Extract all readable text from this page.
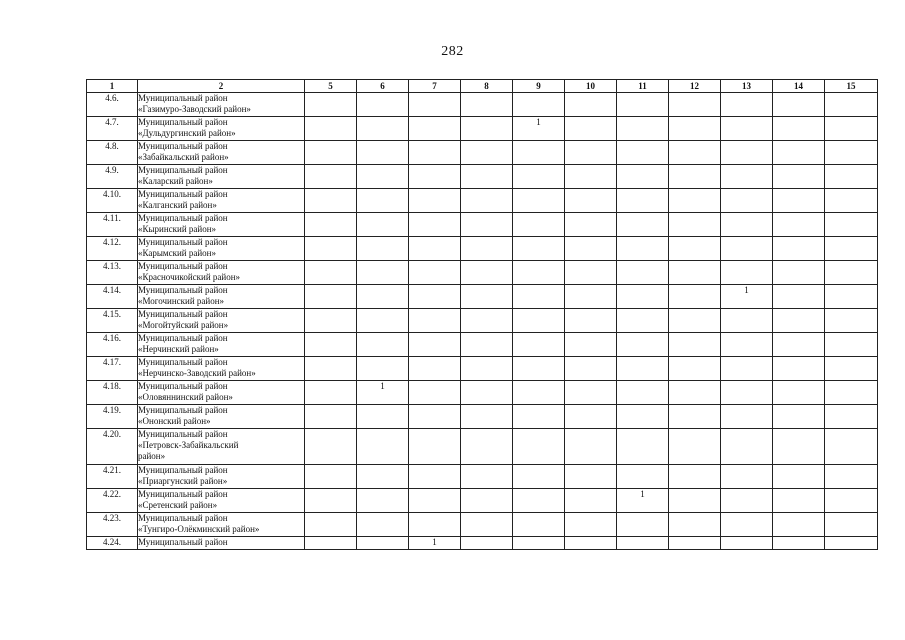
282
1	2	5	6	7	8	9	10	11	12	13	14	15
4.6.	Муниципальный район
«Газимуро-Заводский район»											

4.7.	Муниципальный район
«Дульдургинский район»					1						
4.8.	Муниципальный район
«Забайкальский район»											

4.9.	Муниципальный район
«Каларский район»											

4.10.	Муниципальный район
«Калганский район»											

4.11.	Муниципальный район
«Кыринский район»											

4.12.	Муниципальный район
«Карымский район»											

4.13.	Муниципальный район
«Красночикойский район»											

4.14.	Муниципальный район
«Могочинский район»									1		
4.15.	Муниципальный район
«Могойтуйский район»											

4.16.	Муниципальный район
«Нерчинский район»											

4.17.	Муниципальный район
«Нерчинско-Заводский район»											

4.18.	Муниципальный район
«Оловяннинский район»		1									
4.19.	Муниципальный район
«Ононский район»											

4.20.	Муниципальный район
«Петровск-Забайкальский
район»											

4.21.	Муниципальный район
«Приаргунский район»											

4.22.	Муниципальный район
«Сретенский район»							1				
4.23.	Муниципальный район
«Тунгиро-Олёкминский район»											

4.24.	Муниципальный район			1								
